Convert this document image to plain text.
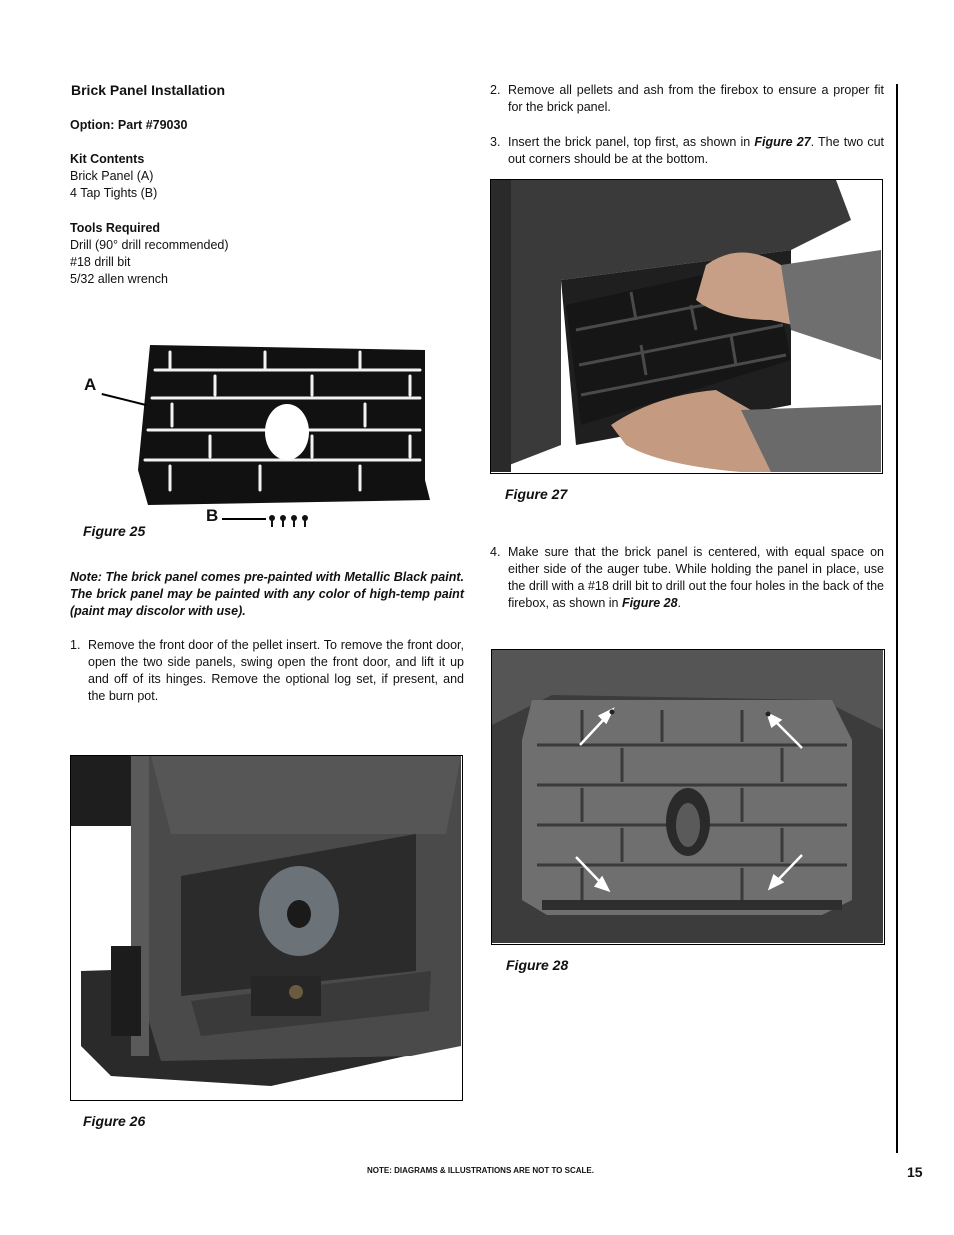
Brick Panel Installation
Option: Part #79030
Kit Contents
Brick Panel (A)
4 Tap Tights (B)
Tools Required
Drill (90° drill recommended)
#18 drill bit
5/32 allen wrench
A
B
Figure 25
Note: The brick panel comes pre-painted with Metallic Black paint. The brick panel may be painted with any color of high-temp paint (paint may discolor with use).
1. Remove the front door of the pellet insert. To remove the front door, open the two side panels, swing open the front door, and lift it up and off of its hinges. Remove the optional log set, if present, and the burn pot.
Figure 26
2. Remove all pellets and ash from the firebox to ensure a proper fit for the brick panel.
3. Insert the brick panel, top first, as shown in Figure 27. The two cut out corners should be at the bottom.
Figure 27
4. Make sure that the brick panel is centered, with equal space on either side of the auger tube. While holding the panel in place, use the drill with a #18 drill bit to drill out the four holes in the back of the firebox, as shown in Figure 28.
Figure 28
NOTE: DIAGRAMS & ILLUSTRATIONS ARE NOT TO SCALE.	15
